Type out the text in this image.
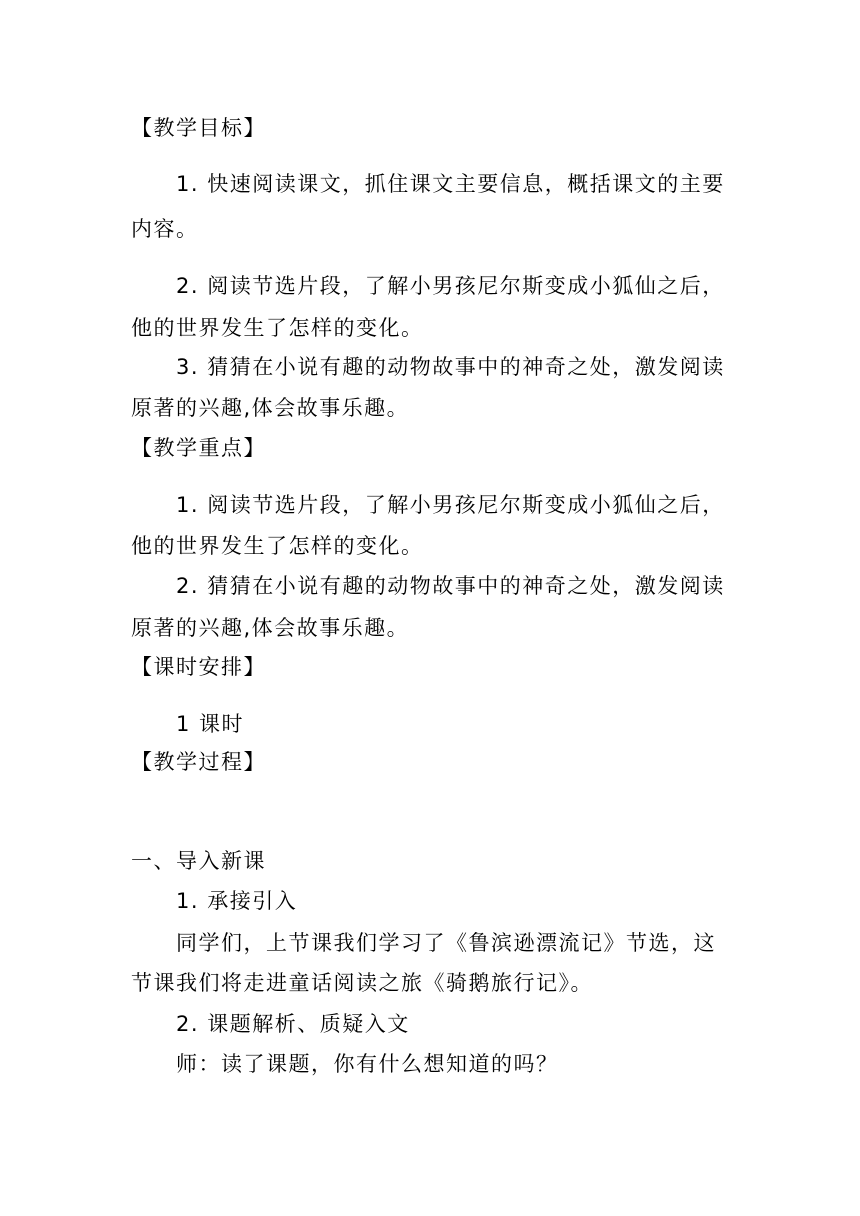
【教学目标】
1. 快速阅读课文，抓住课文主要信息，概括课文的主要
内容。
2. 阅读节选片段，了解小男孩尼尔斯变成小狐仙之后，
他的世界发生了怎样的变化。
3. 猜猜在小说有趣的动物故事中的神奇之处，激发阅读
原著的兴趣,体会故事乐趣。
【教学重点】
1. 阅读节选片段，了解小男孩尼尔斯变成小狐仙之后，
他的世界发生了怎样的变化。
2. 猜猜在小说有趣的动物故事中的神奇之处，激发阅读
原著的兴趣,体会故事乐趣。
【课时安排】
1 课时
【教学过程】
一、导入新课
1. 承接引入
同学们，上节课我们学习了《鲁滨逊漂流记》节选，这
节课我们将走进童话阅读之旅《骑鹅旅行记》。
2. 课题解析、质疑入文
师：读了课题，你有什么想知道的吗？
